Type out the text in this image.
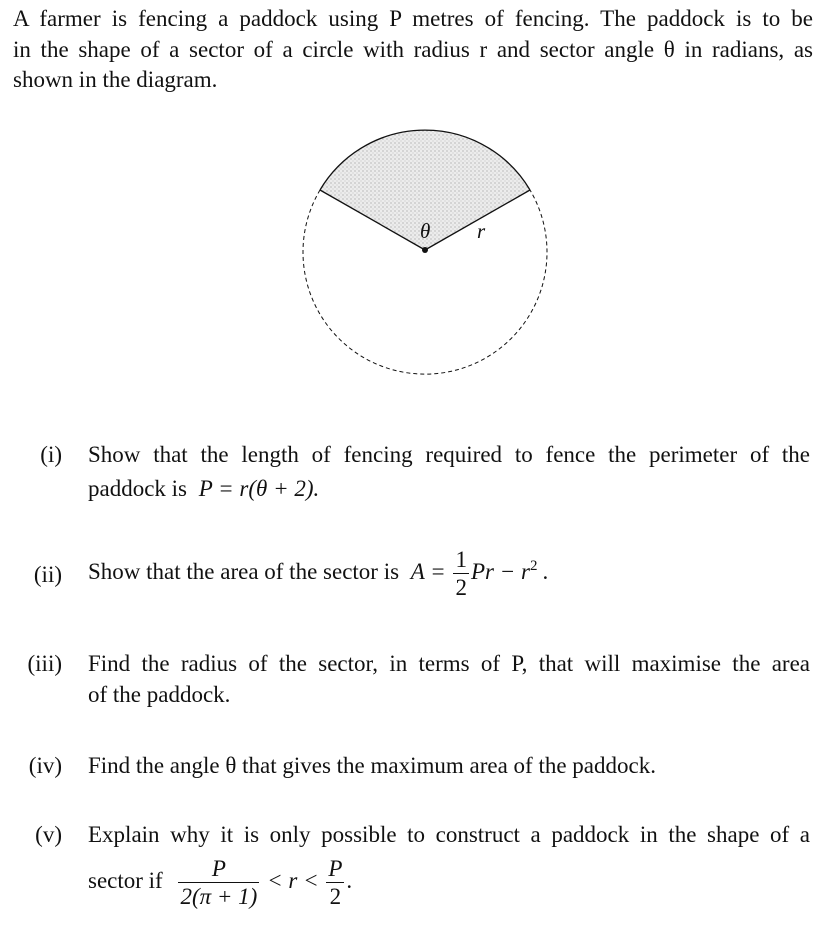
A farmer is fencing a paddock using P metres of fencing. The paddock is to be
in the shape of a sector of a circle with radius r and sector angle θ in radians, as
shown in the diagram.
θ r
(i) Show that the length of fencing required to fence the perimeter of the
paddock is P = r(θ + 2).
(ii) Show that the area of the sector is $A = \frac{1}{2}$ $Pr - r^2$ .
(iii) Find the radius of the sector, in terms of P, that will maximise the area
of the paddock.
(iv) Find the angle θ that gives the maximum area of the paddock.
(v) Explain why it is only possible to construct a paddock in the shape of a
sector if $\frac{P}{2(\pi + 1)} < r < \frac{P}{2}$ .
